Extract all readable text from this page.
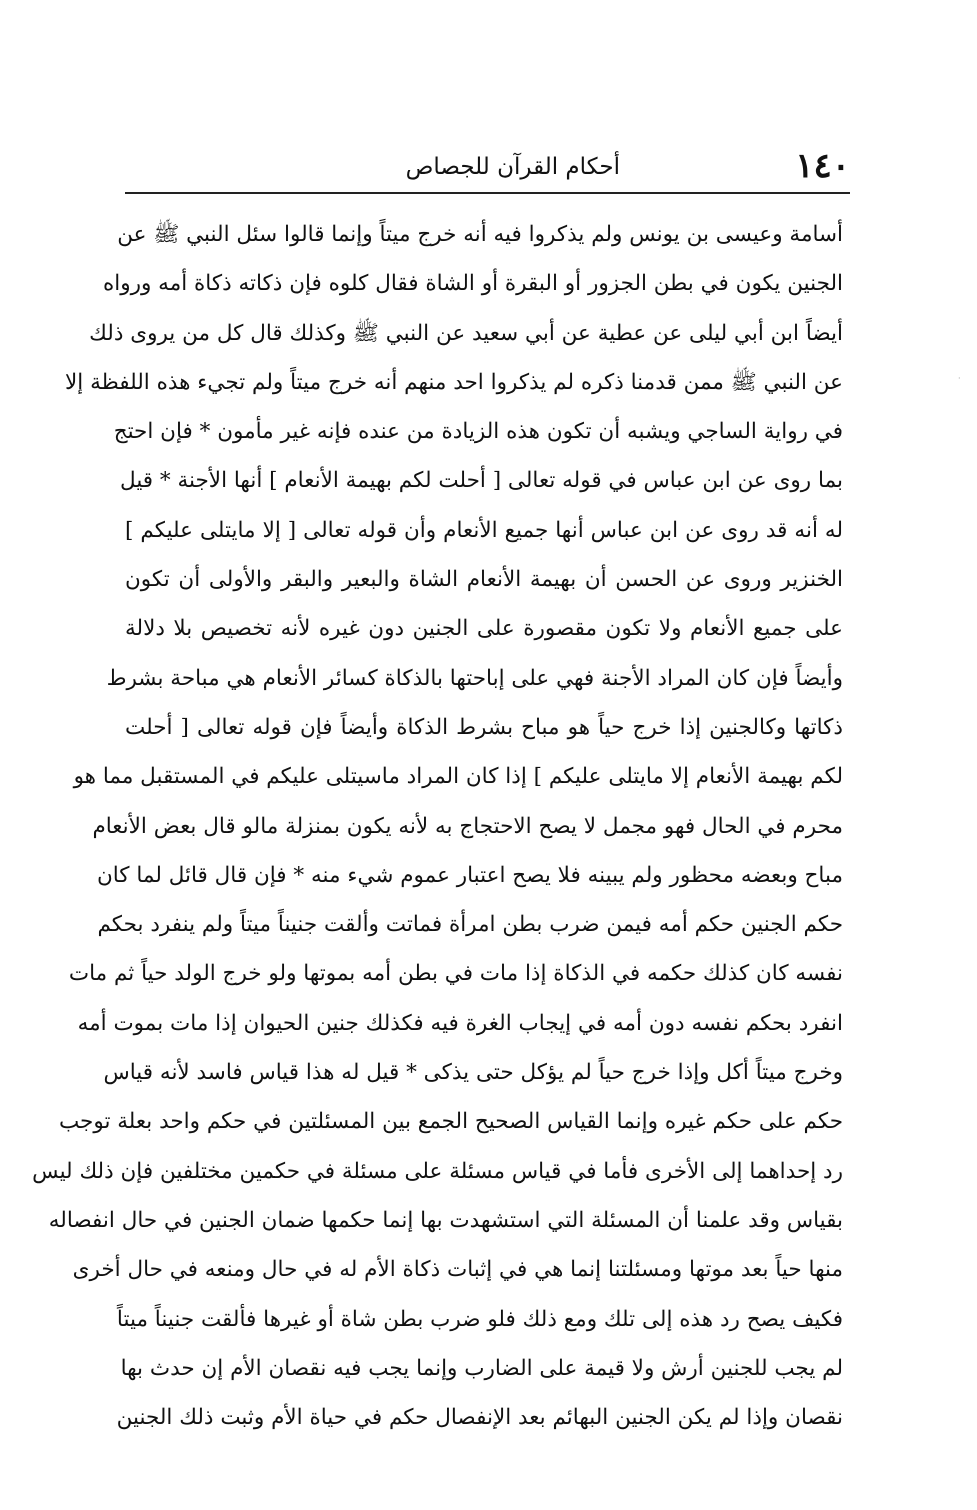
١٤٠
أحكام القرآن للجصاص
·
أسامة وعيسى بن يونس ولم يذكروا فيه أنه خرج ميتاً وإنما قالوا سئل النبي ﷺ عن
الجنين يكون في بطن الجزور أو البقرة أو الشاة فقال كلوه فإن ذكاته ذكاة أمه ورواه
أيضاً ابن أبي ليلى عن عطية عن أبي سعيد عن النبي ﷺ وكذلك قال كل من يروى ذلك
عن النبي ﷺ ممن قدمنا ذكره لم يذكروا احد منهم أنه خرج ميتاً ولم تجيء هذه اللفظة إلا
في رواية الساجي ويشبه أن تكون هذه الزيادة من عنده فإنه غير مأمون * فإن احتج
بما روى عن ابن عباس في قوله تعالى [ أحلت لكم بهيمة الأنعام ] أنها الأجنة * قيل
له أنه قد روى عن ابن عباس أنها جميع الأنعام وأن قوله تعالى [ إلا مايتلى عليكم ]
الخنزير وروى عن الحسن أن بهيمة الأنعام الشاة والبعير والبقر والأولى أن تكون
على جميع الأنعام ولا تكون مقصورة على الجنين دون غيره لأنه تخصيص بلا دلالة
وأيضاً فإن كان المراد الأجنة فهي على إباحتها بالذكاة كسائر الأنعام هي مباحة بشرط
ذكاتها وكالجنين إذا خرج حياً هو مباح بشرط الذكاة وأيضاً فإن قوله تعالى [ أحلت
لكم بهيمة الأنعام إلا مايتلى عليكم ] إذا كان المراد ماسيتلى عليكم في المستقبل مما هو
محرم في الحال فهو مجمل لا يصح الاحتجاج به لأنه يكون بمنزلة مالو قال بعض الأنعام
مباح وبعضه محظور ولم يبينه فلا يصح اعتبار عموم شيء منه * فإن قال قائل لما كان
حكم الجنين حكم أمه فيمن ضرب بطن امرأة فماتت وألقت جنيناً ميتاً ولم ينفرد بحكم
نفسه كان كذلك حكمه في الذكاة إذا مات في بطن أمه بموتها ولو خرج الولد حياً ثم مات
انفرد بحكم نفسه دون أمه في إيجاب الغرة فيه فكذلك جنين الحيوان إذا مات بموت أمه
وخرج ميتاً أكل وإذا خرج حياً لم يؤكل حتى يذكى * قيل له هذا قياس فاسد لأنه قياس
حكم على حكم غيره وإنما القياس الصحيح الجمع بين المسئلتين في حكم واحد بعلة توجب
رد إحداهما إلى الأخرى فأما في قياس مسئلة على مسئلة في حكمين مختلفين فإن ذلك ليس
بقياس وقد علمنا أن المسئلة التي استشهدت بها إنما حكمها ضمان الجنين في حال انفصاله
منها حياً بعد موتها ومسئلتنا إنما هي في إثبات ذكاة الأم له في حال ومنعه في حال أخرى
فكيف يصح رد هذه إلى تلك ومع ذلك فلو ضرب بطن شاة أو غيرها فألقت جنيناً ميتاً
لم يجب للجنين أرش ولا قيمة على الضارب وإنما يجب فيه نقصان الأم إن حدث بها
نقصان وإذا لم يكن الجنين البهائم بعد الإنفصال حكم في حياة الأم وثبت ذلك الجنين
